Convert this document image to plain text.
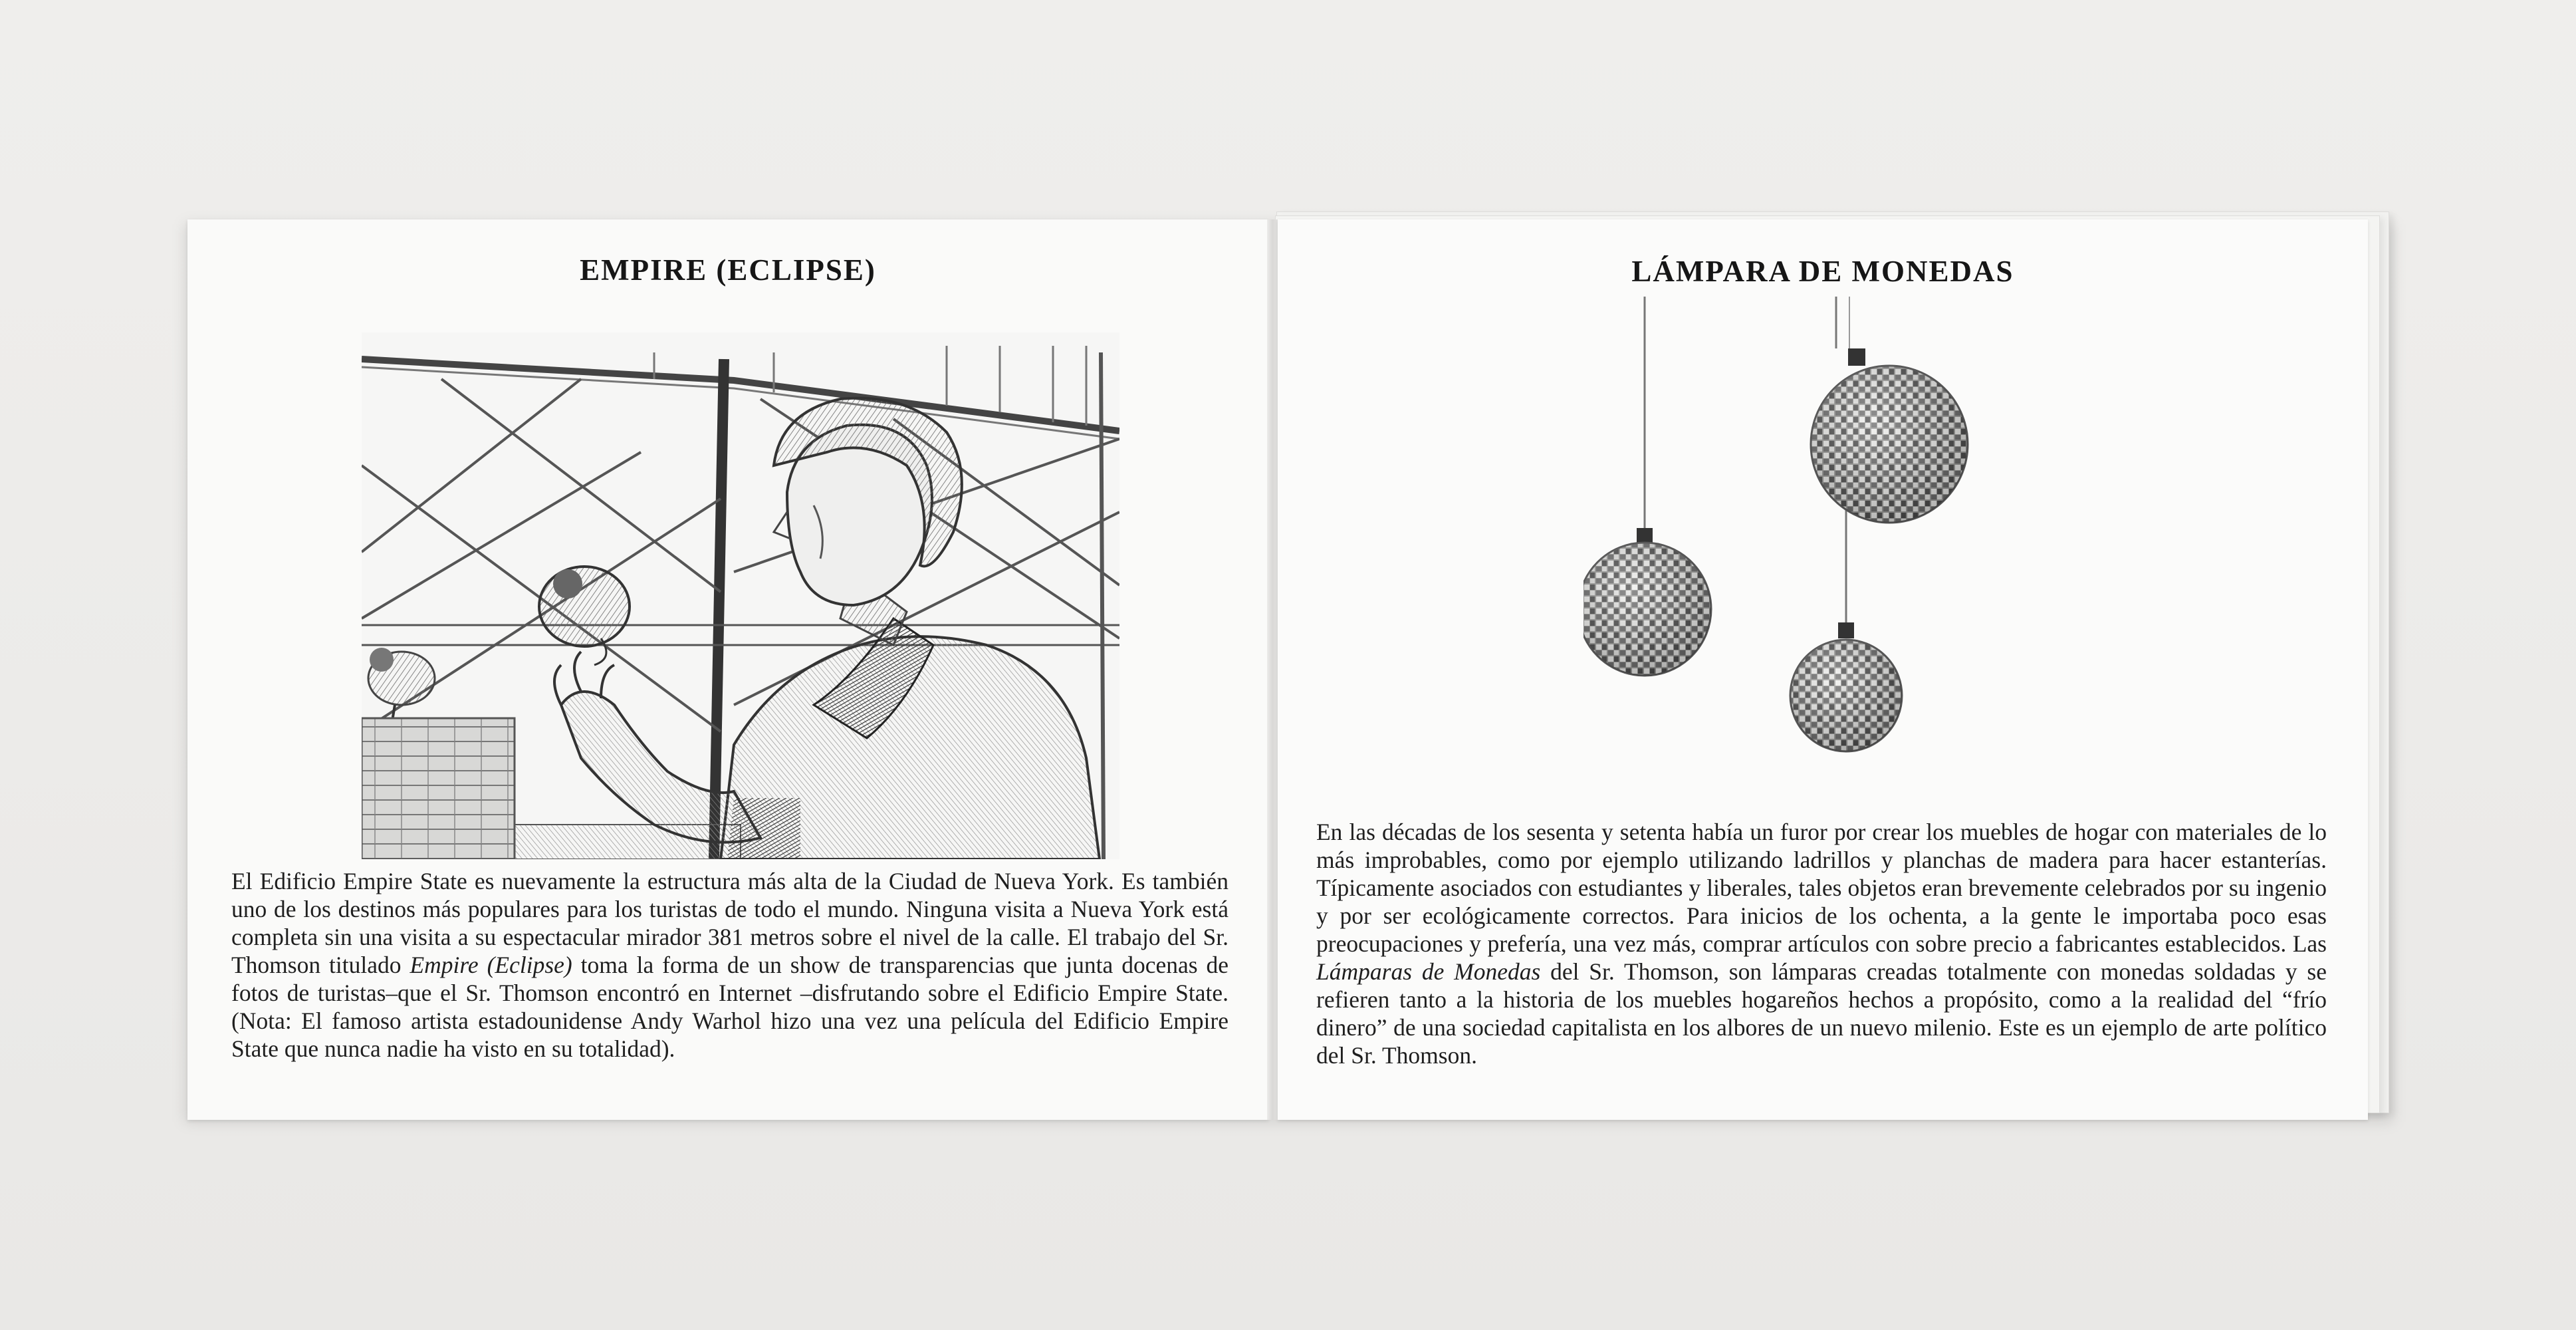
EMPIRE (ECLIPSE)

El Edificio Empire State es nuevamente la estructura más alta de la Ciudad de Nueva York. Es también uno de los destinos más populares para los turistas de todo el mundo. Ninguna visita a Nueva York está completa sin una visita a su espectacular mirador 381 metros sobre el nivel de la calle. El trabajo del Sr. Thomson titulado Empire (Eclipse) toma la forma de un show de transparencias que junta docenas de fotos de turistas–que el Sr. Thomson encontró en Internet –disfrutando sobre el Edificio Empire State. (Nota: El famoso artista estadounidense Andy Warhol hizo una vez una película del Edificio Empire State que nunca nadie ha visto en su totalidad).

LÁMPARA DE MONEDAS

En las décadas de los sesenta y setenta había un furor por crear los muebles de hogar con materiales de lo más improbables, como por ejemplo utilizando ladrillos y planchas de madera para hacer estanterías. Típicamente asociados con estudiantes y liberales, tales objetos eran brevemente celebrados por su ingenio y por ser ecológicamente correctos. Para inicios de los ochenta, a la gente le importaba poco esas preocupaciones y prefería, una vez más, comprar artículos con sobre precio a fabricantes establecidos. Las Lámparas de Monedas del Sr. Thomson, son lámparas creadas totalmente con monedas soldadas y se refieren tanto a la historia de los muebles hogareños hechos a propósito, como a la realidad del “frío dinero” de una sociedad capitalista en los albores de un nuevo milenio. Este es un ejemplo de arte político del Sr. Thomson.
